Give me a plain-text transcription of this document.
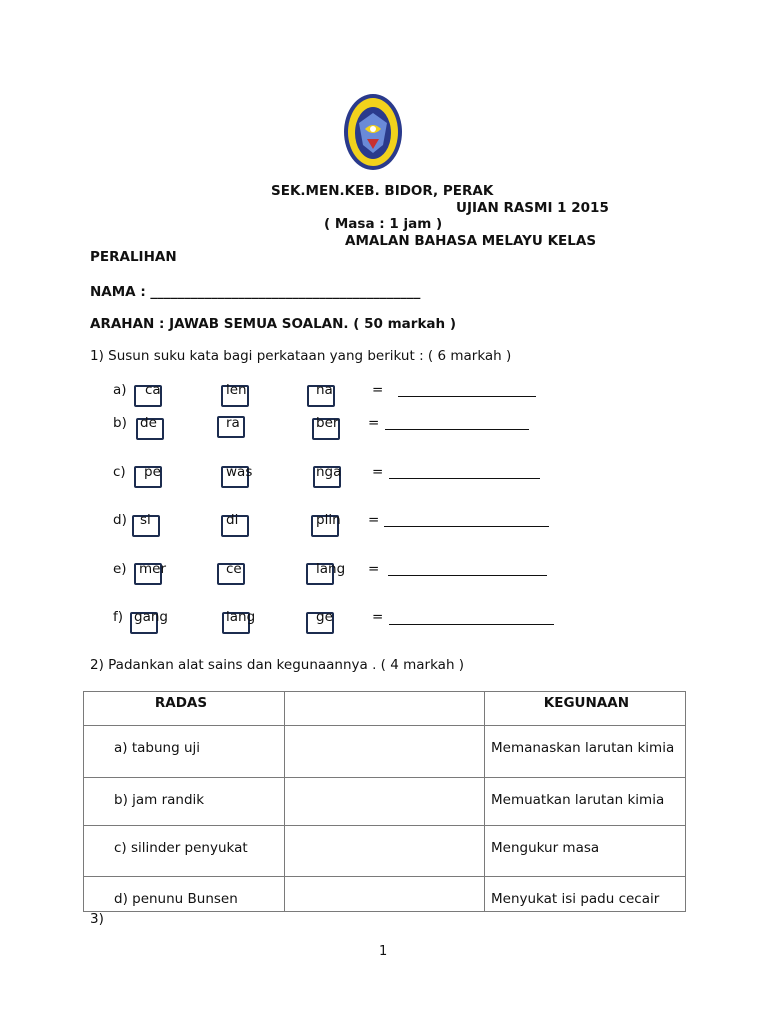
SEK.MEN.KEB. BIDOR, PERAK
UJIAN RASMI 1 2015
( Masa : 1 jam )
AMALAN BAHASA MELAYU KELAS
PERALIHAN
NAMA : ________________________________________
ARAHAN : JAWAB SEMUA SOALAN. ( 50 markah )
1) Susun suku kata bagi perkataan yang berikut : ( 6 markah )
a) ca	len	na	=
b) de	ra	ber =
c) pe	was	nga =
d) si	di	plin =
e) mer	ce	lang =
f) gang	lang	ge	=
2) Padankan alat sains dan kegunaannya . ( 4 markah )
RADAS		KEGUNAAN
a) tabung uji		Memanaskan larutan kimia
b) jam randik		Memuatkan larutan kimia
c) silinder penyukat		Mengukur masa
d) penunu Bunsen		Menyukat isi padu cecair
3)
1
